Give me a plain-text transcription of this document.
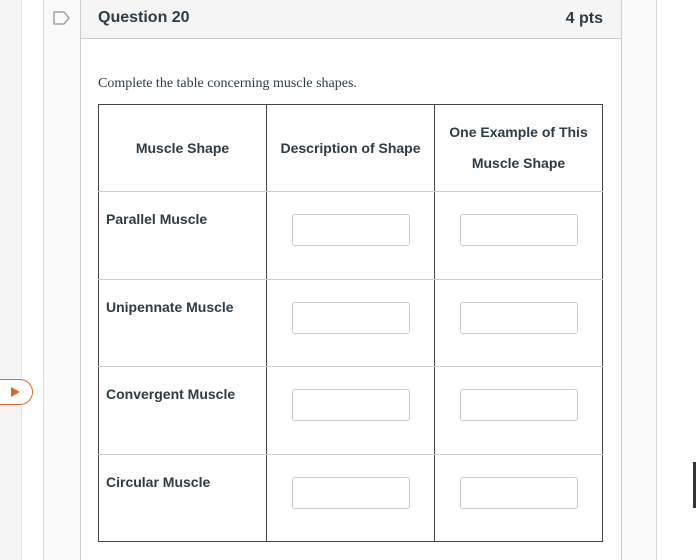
Question 20	4 pts
Complete the table concerning muscle shapes.
Muscle Shape	Description of Shape	One Example of This Muscle Shape

Parallel Muscle

Unipennate Muscle

Convergent Muscle

Circular Muscle
